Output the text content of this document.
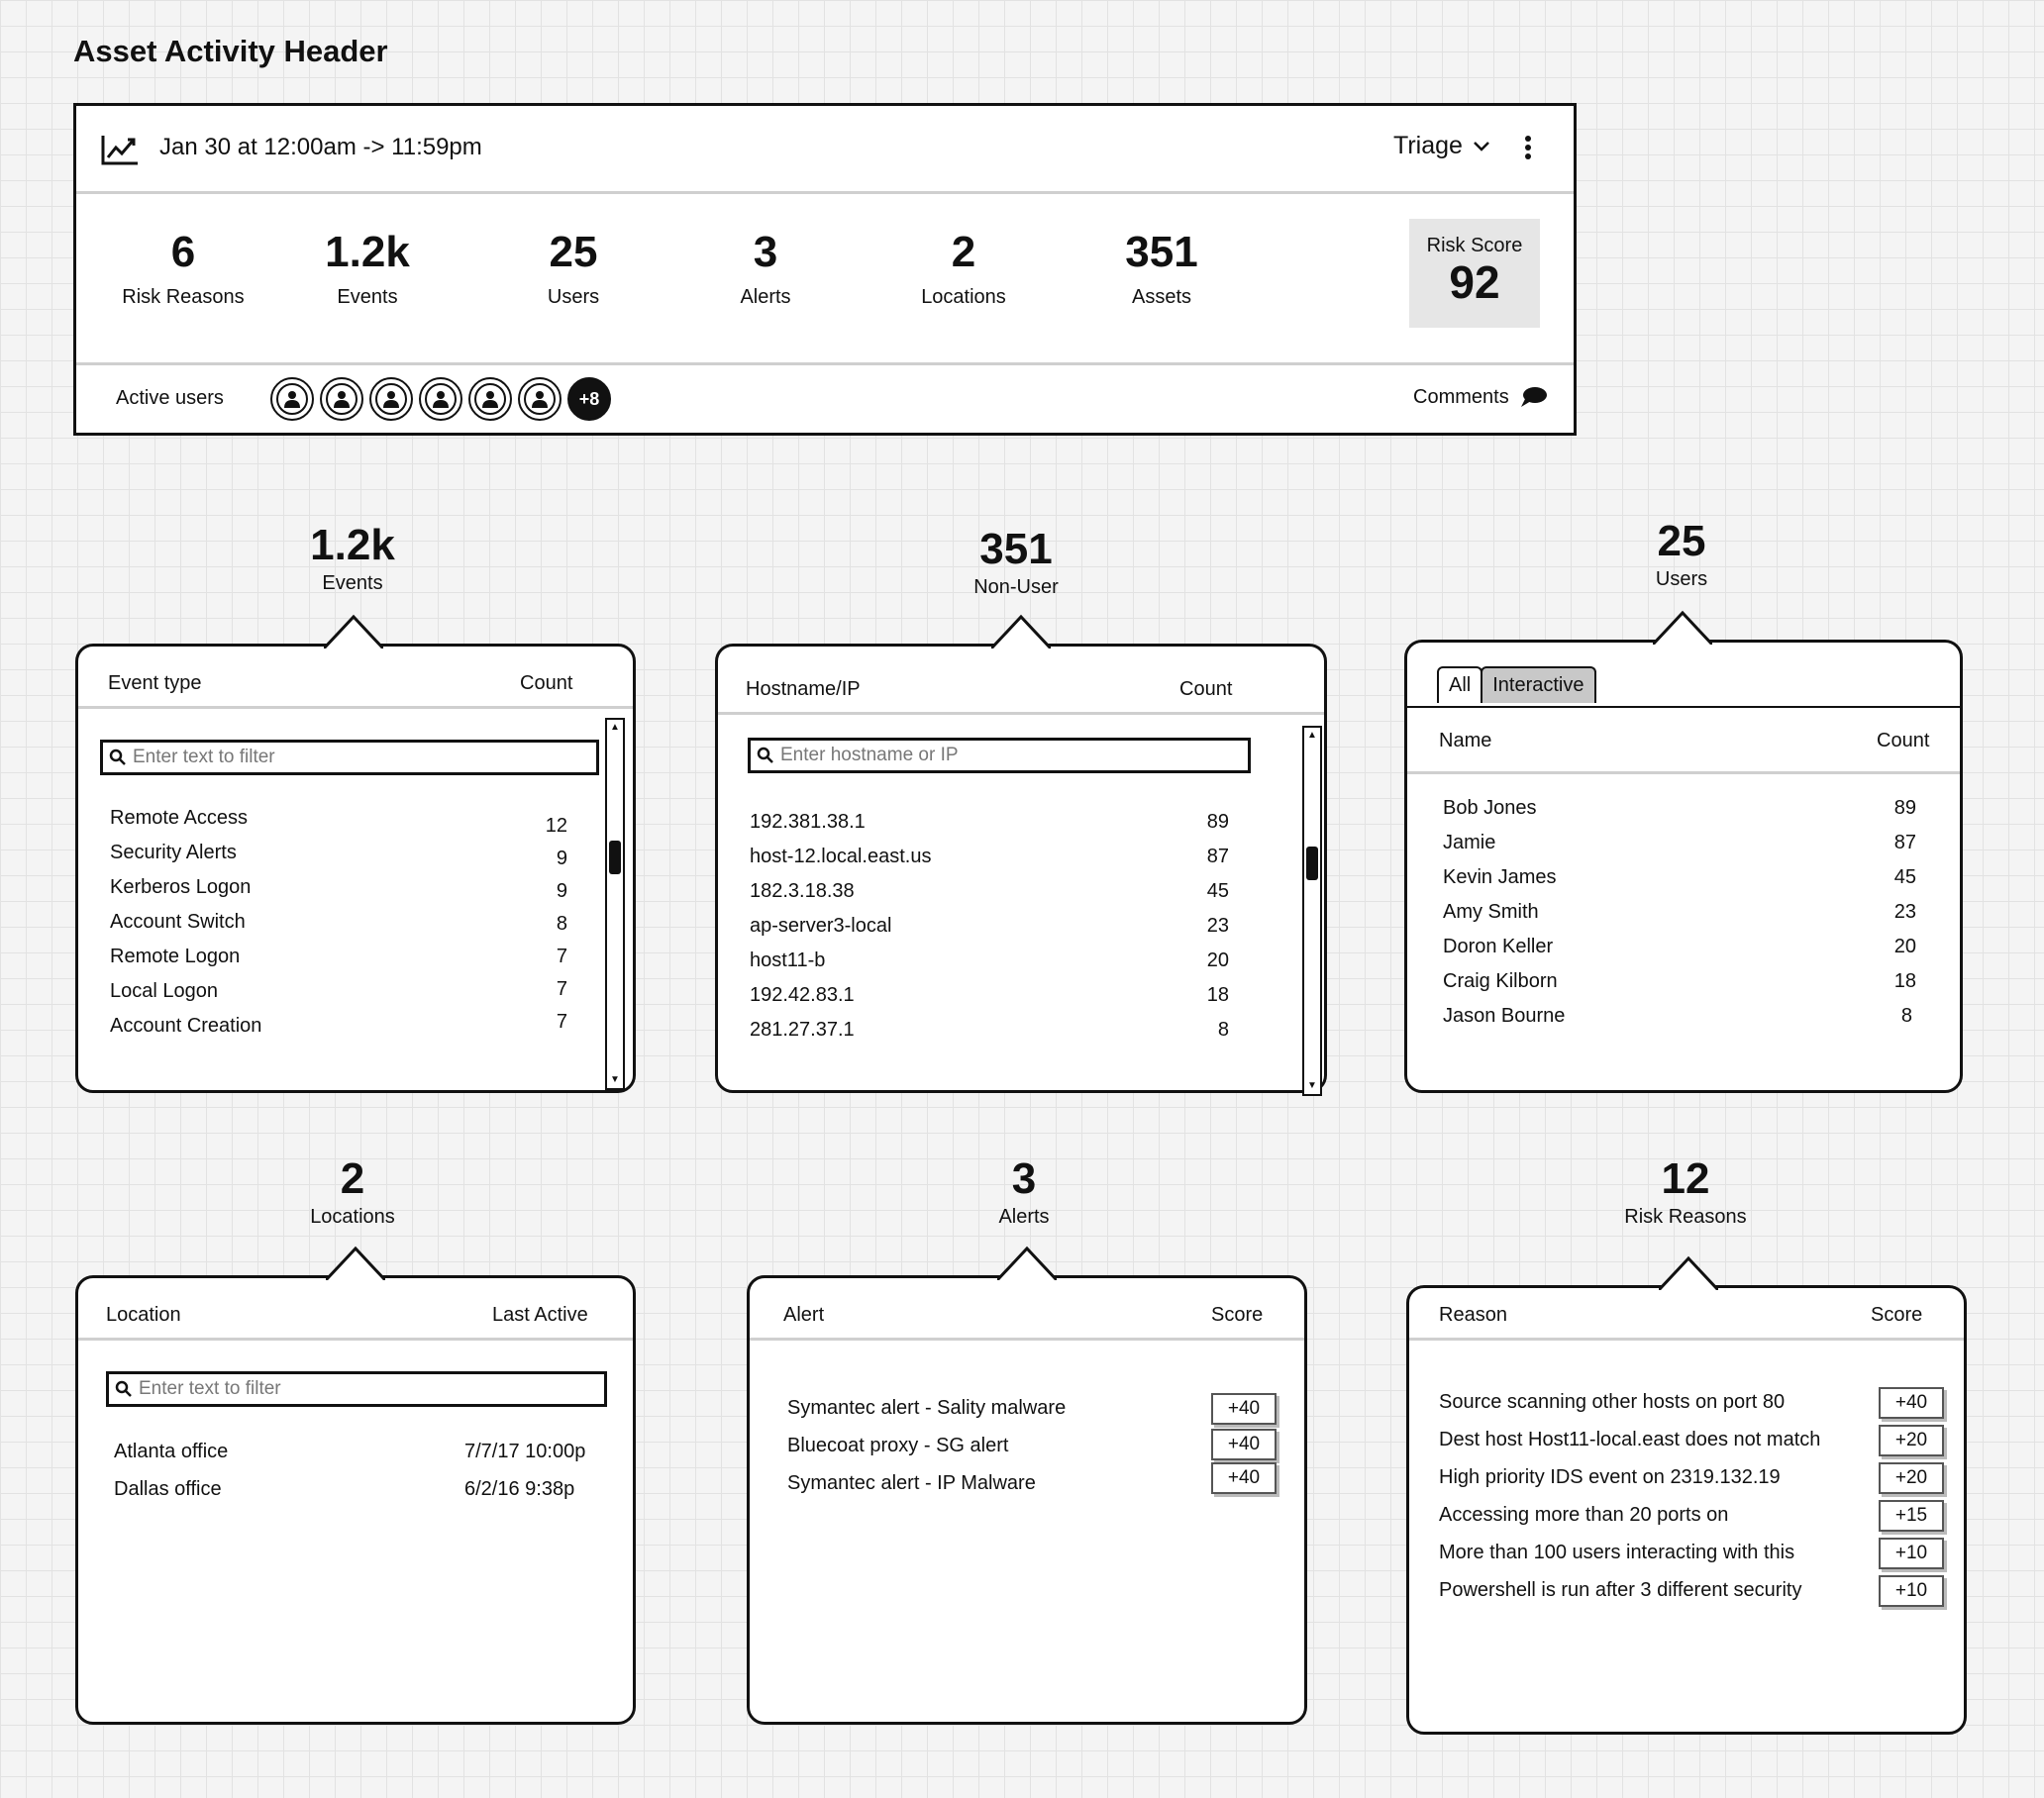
Asset Activity Header
Jan 30 at 12:00am -> 11:59pm	Triage
6
Risk Reasons
1.2k
Events
25
Users
3
Alerts
2
Locations
351
Assets
Risk Score
92
Active users	+8	Comments
1.2k
Events
Event type	Count
Enter text to filter
Remote Access	12
Security Alerts	9
Kerberos Logon	9
Account Switch	8
Remote Logon	7
Local Logon	7
Account Creation	7
▲
▼
351
Non-User
Hostname/IP	Count
Enter hostname or IP
192.381.38.1	89
host-12.local.east.us	87
182.3.18.38	45
ap-server3-local	23
host11-b	20
192.42.83.1	18
281.27.37.1	8
▲
▼
25
Users
All	Interactive
Name	Count
Bob Jones	89
Jamie	87
Kevin James	45
Amy Smith	23
Doron Keller	20
Craig Kilborn	18
Jason Bourne	8
2
Locations
Location	Last Active
Enter text to filter
Atlanta office	7/7/17 10:00p
Dallas office	6/2/16 9:38p
3
Alerts
Alert	Score
Symantec alert - Sality malware	+40
Bluecoat proxy - SG alert	+40
Symantec alert - IP Malware	+40
12
Risk Reasons
Reason	Score
Source scanning other hosts on port 80	+40
Dest host Host11-local.east does not match	+20
High priority IDS event on 2319.132.19	+20
Accessing more than 20 ports on	+15
More than 100 users interacting with this	+10
Powershell is run after 3 different security	+10
